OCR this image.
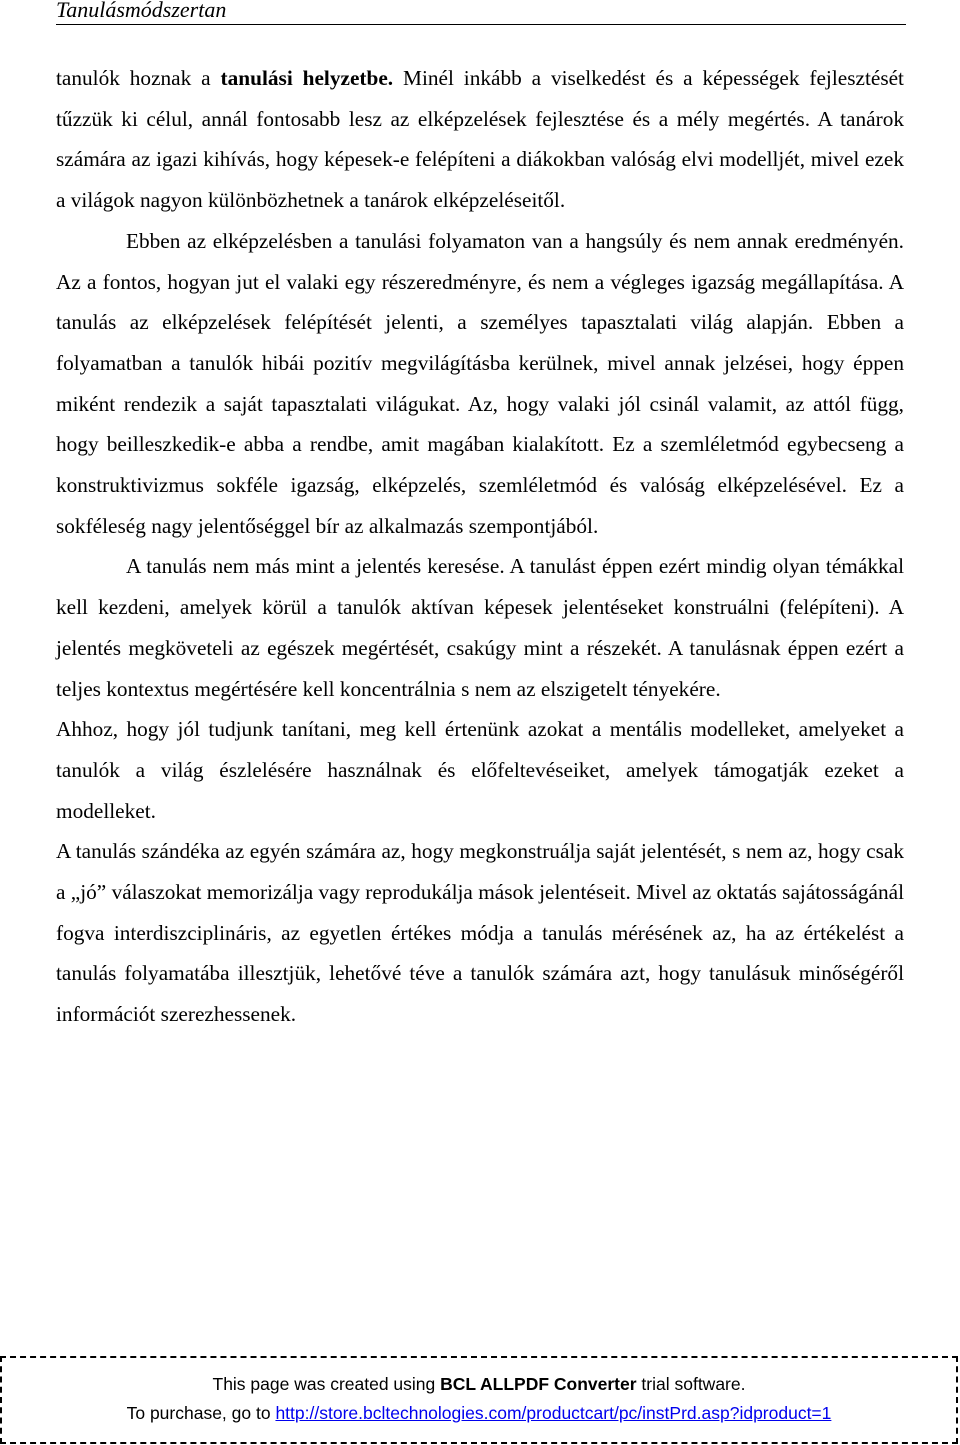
Tanulásmódszertan

tanulók hoznak a tanulási helyzetbe. Minél inkább a viselkedést és a képességek fejlesztését tűzzük ki célul, annál fontosabb lesz az elképzelések fejlesztése és a mély megértés. A tanárok számára az igazi kihívás, hogy képesek-e felépíteni a diákokban valóság elvi modelljét, mivel ezek a világok nagyon különbözhetnek a tanárok elképzeléseitől.

Ebben az elképzelésben a tanulási folyamaton van a hangsúly és nem annak eredményén. Az a fontos, hogyan jut el valaki egy részeredményre, és nem a végleges igazság megállapítása. A tanulás az elképzelések felépítését jelenti, a személyes tapasztalati világ alapján. Ebben a folyamatban a tanulók hibái pozitív megvilágításba kerülnek, mivel annak jelzései, hogy éppen miként rendezik a saját tapasztalati világukat. Az, hogy valaki jól csinál valamit, az attól függ, hogy beilleszkedik-e abba a rendbe, amit magában kialakított. Ez a szemléletmód egybecseng a konstruktivizmus sokféle igazság, elképzelés, szemléletmód és valóság elképzelésével. Ez a sokféleség nagy jelentőséggel bír az alkalmazás szempontjából.

A tanulás nem más mint a jelentés keresése. A tanulást éppen ezért mindig olyan témákkal kell kezdeni, amelyek körül a tanulók aktívan képesek jelentéseket konstruálni (felépíteni). A jelentés megköveteli az egészek megértését, csakúgy mint a részekét. A tanulásnak éppen ezért a teljes kontextus megértésére kell koncentrálnia s nem az elszigetelt tényekére.

Ahhoz, hogy jól tudjunk tanítani, meg kell értenünk azokat a mentális modelleket, amelyeket a tanulók a világ észlelésére használnak és előfeltevéseiket, amelyek támogatják ezeket a modelleket.

A tanulás szándéka az egyén számára az, hogy megkonstruálja saját jelentését, s nem az, hogy csak a „jó” válaszokat memorizálja vagy reprodukálja mások jelentéseit. Mivel az oktatás sajátosságánál fogva interdiszciplináris, az egyetlen értékes módja a tanulás mérésének az, ha az értékelést a tanulás folyamatába illesztjük, lehetővé téve a tanulók számára azt, hogy tanulásuk minőségéről információt szerezhessenek.

This page was created using BCL ALLPDF Converter trial software.
To purchase, go to http://store.bcltechnologies.com/productcart/pc/instPrd.asp?idproduct=1
